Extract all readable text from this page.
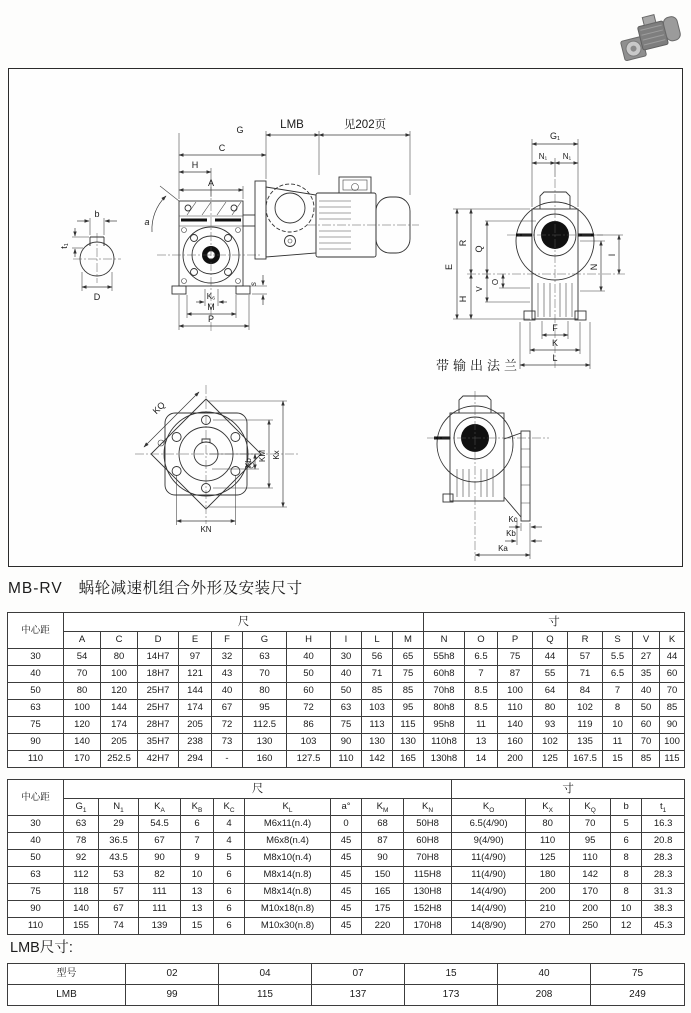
b
t₁
D
a
A
H
C
G	LMB	见202页
s
K₆
M
P
G₁
N₁ N₁
E
R
H
Q
V
O
N
I
F
K
L
带输出法兰
KQ
Kb
KM Kx
KN
Kc
Kb
Ka
MB-RV 蜗轮减速机组合外形及安装尺寸
中心距	尺										寸							
	A	C	D	E	F	G	H	I	L	M	N	O	P	Q	R	S	V	K
30	54	80	14H7	97	32	63	40	30	56	65	55h8	6.5	75	44	57	5.5	27	44
40	70	100	18H7	121	43	70	50	40	71	75	60h8	7	87	55	71	6.5	35	60
50	80	120	25H7	144	40	80	60	50	85	85	70h8	8.5	100	64	84	7	40	70
63	100	144	25H7	174	67	95	72	63	103	95	80h8	8.5	110	80	102	8	50	85
75	120	174	28H7	205	72	112.5	86	75	113	115	95h8	11	140	93	119	10	60	90
90	140	205	35H7	238	73	130	103	90	130	130	110h8	13	160	102	135	11	70	100
110	170	252.5	42H7	294	-	160	127.5	110	142	165	130h8	14	200	125	167.5	15	85	115
中心距	尺									寸				
	$G_1$	$N_1$	$K_A$	$K_B$	$K_C$	$K_L$	a°	$K_M$	$K_N$	$K_O$	$K_X$	$K_Q$	b	$t_1$
30	63	29	54.5	6	4	M6x11(n.4)	0	68	50H8	6.5(4/90)	80	70	5	16.3
40	78	36.5	67	7	4	M6x8(n.4)	45	87	60H8	9(4/90)	110	95	6	20.8
50	92	43.5	90	9	5	M8x10(n.4)	45	90	70H8	11(4/90)	125	110	8	28.3
63	112	53	82	10	6	M8x14(n.8)	45	150	115H8	11(4/90)	180	142	8	28.3
75	118	57	111	13	6	M8x14(n.8)	45	165	130H8	14(4/90)	200	170	8	31.3
90	140	67	111	13	6	M10x18(n.8)	45	175	152H8	14(4/90)	210	200	10	38.3
110	155	74	139	15	6	M10x30(n.8)	45	220	170H8	14(8/90)	270	250	12	45.3
LMB尺寸:
型号	02	04	07	15	40	75
LMB	99	115	137	173	208	249
